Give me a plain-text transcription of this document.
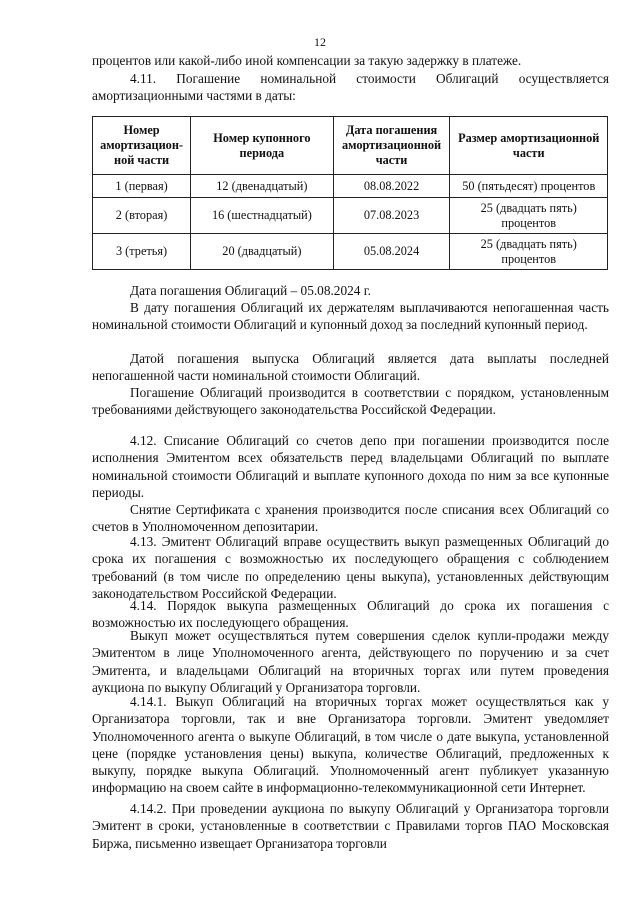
12

процентов или какой-либо иной компенсации за такую задержку в платеже.

4.11. Погашение номинальной стоимости Облигаций осуществляется амортизационными частями в даты:

Номер амортизацион-ной части	Номер купонного периода	Дата погашения амортизационной части	Размер амортизационной части
1 (первая)	12 (двенадцатый)	08.08.2022	50 (пятьдесят) процентов
2 (вторая)	16 (шестнадцатый)	07.08.2023	25 (двадцать пять) процентов
3 (третья)	20 (двадцатый)	05.08.2024	25 (двадцать пять) процентов

Дата погашения Облигаций – 05.08.2024 г.

В дату погашения Облигаций их держателям выплачиваются непогашенная часть номинальной стоимости Облигаций и купонный доход за последний купонный период.

Датой погашения выпуска Облигаций является дата выплаты последней непогашенной части номинальной стоимости Облигаций.

Погашение Облигаций производится в соответствии с порядком, установленным требованиями действующего законодательства Российской Федерации.

4.12. Списание Облигаций со счетов депо при погашении производится после исполнения Эмитентом всех обязательств перед владельцами Облигаций по выплате номинальной стоимости Облигаций и выплате купонного дохода по ним за все купонные периоды.

Снятие Сертификата с хранения производится после списания всех Облигаций со счетов в Уполномоченном депозитарии.

4.13. Эмитент Облигаций вправе осуществить выкуп размещенных Облигаций до срока их погашения с возможностью их последующего обращения с соблюдением требований (в том числе по определению цены выкупа), установленных действующим законодательством Российской Федерации.

4.14. Порядок выкупа размещенных Облигаций до срока их погашения с возможностью их последующего обращения.

Выкуп может осуществляться путем совершения сделок купли-продажи между Эмитентом в лице Уполномоченного агента, действующего по поручению и за счет Эмитента, и владельцами Облигаций на вторичных торгах или путем проведения аукциона по выкупу Облигаций у Организатора торговли.

4.14.1. Выкуп Облигаций на вторичных торгах может осуществляться как у Организатора торговли, так и вне Организатора торговли. Эмитент уведомляет Уполномоченного агента о выкупе Облигаций, в том числе о дате выкупа, установленной цене (порядке установления цены) выкупа, количестве Облигаций, предложенных к выкупу, порядке выкупа Облигаций. Уполномоченный агент публикует указанную информацию на своем сайте в информационно-телекоммуникационной сети Интернет.

4.14.2. При проведении аукциона по выкупу Облигаций у Организатора торговли Эмитент в сроки, установленные в соответствии с Правилами торгов ПАО Московская Биржа, письменно извещает Организатора торговли
